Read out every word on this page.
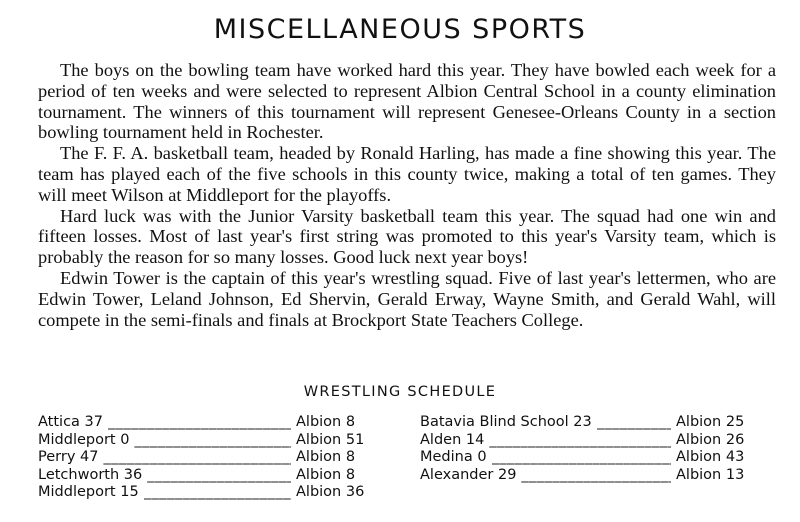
MISCELLANEOUS SPORTS

The boys on the bowling team have worked hard this year. They have bowled each week for a period of ten weeks and were selected to represent Albion Central School in a county elimination tournament. The winners of this tournament will represent Genesee-Orleans County in a section bowling tournament held in Rochester.

The F. F. A. basketball team, headed by Ronald Harling, has made a fine showing this year. The team has played each of the five schools in this county twice, making a total of ten games. They will meet Wilson at Middleport for the playoffs.

Hard luck was with the Junior Varsity basketball team this year. The squad had one win and fifteen losses. Most of last year's first string was promoted to this year's Varsity team, which is probably the reason for so many losses. Good luck next year boys!

Edwin Tower is the captain of this year's wrestling squad. Five of last year's lettermen, who are Edwin Tower, Leland Johnson, Ed Shervin, Gerald Erway, Wayne Smith, and Gerald Wahl, will compete in the semi-finals and finals at Brockport State Teachers College.

WRESTLING SCHEDULE
Attica 37 _____	Albion 8
Middleport 0 _____	Albion 51
Perry 47 _____	Albion 8
Letchworth 36 _____	Albion 8
Middleport 15 _____	Albion 36
Batavia Blind School 23 _____	Albion 25
Alden 14 _____	Albion 26
Medina 0 _____	Albion 43
Alexander 29 _____	Albion 13
